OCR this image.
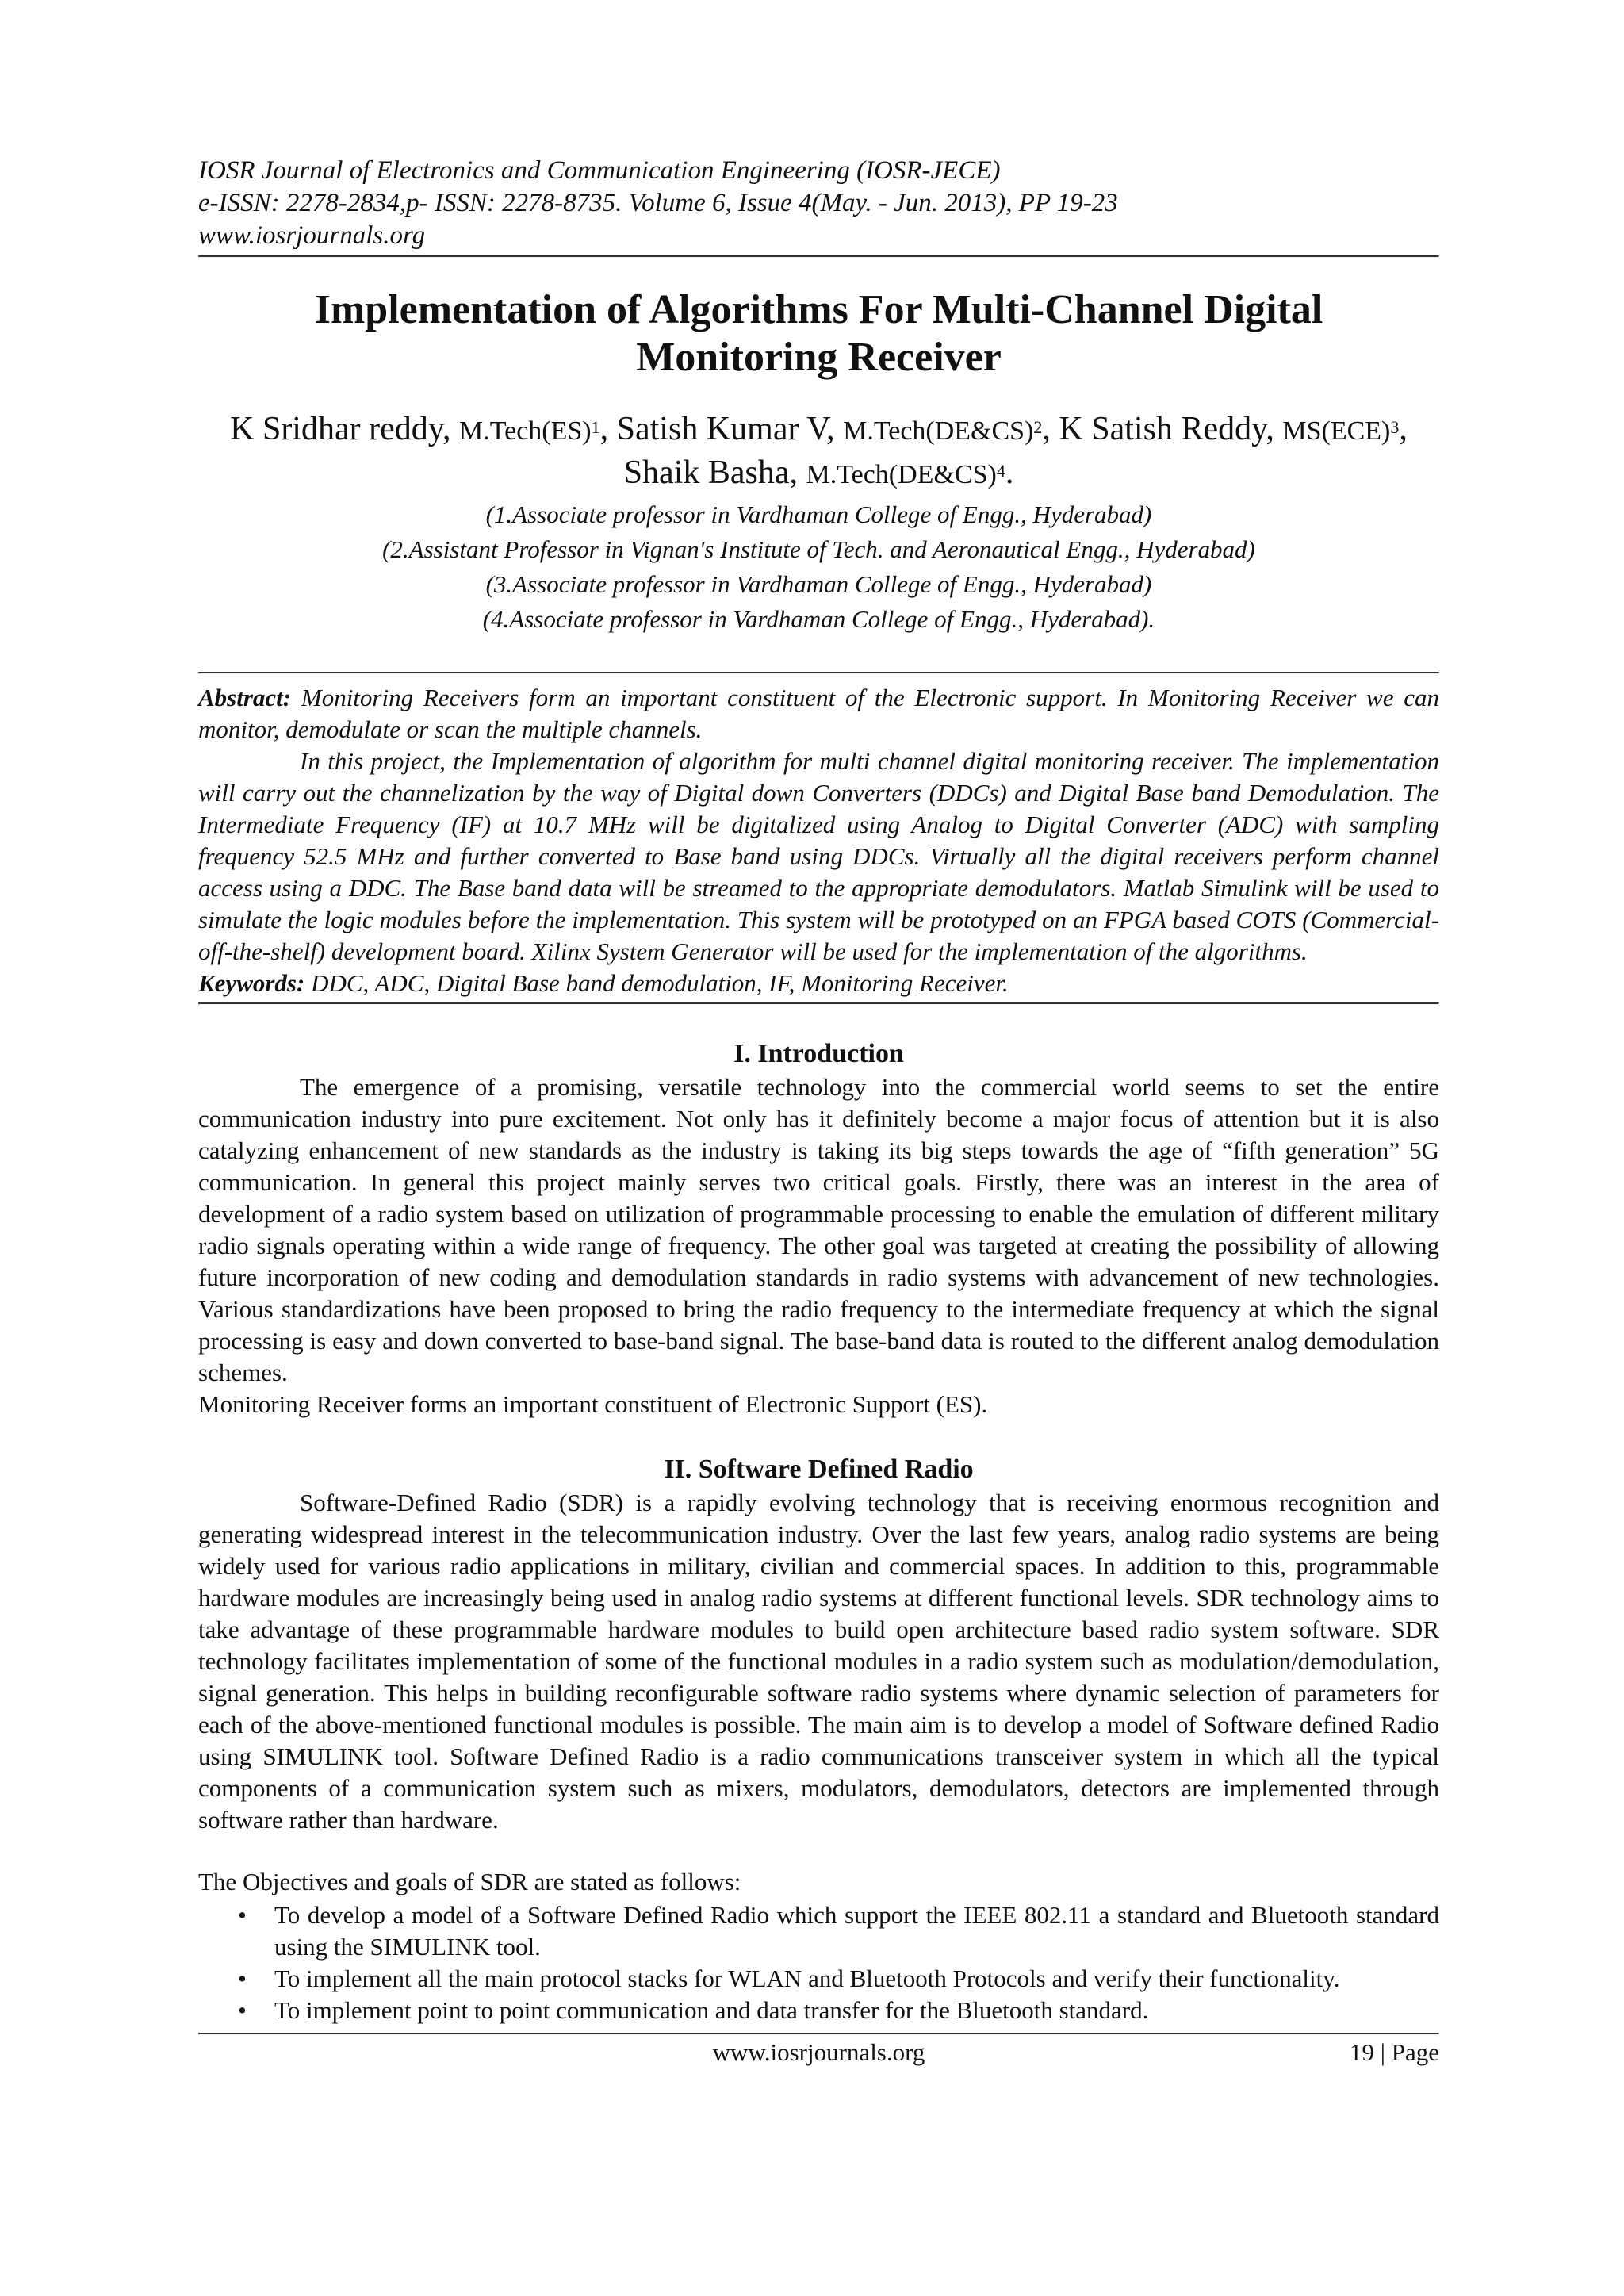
IOSR Journal of Electronics and Communication Engineering (IOSR-JECE)
e-ISSN: 2278-2834,p- ISSN: 2278-8735. Volume 6, Issue 4(May. - Jun. 2013), PP 19-23
www.iosrjournals.org
Implementation of Algorithms For Multi-Channel Digital Monitoring Receiver
K Sridhar reddy, M.Tech(ES)$^1$, Satish Kumar V, M.Tech(DE&CS)$^2$, K Satish Reddy, MS(ECE)$^3$, Shaik Basha, M.Tech(DE&CS)$^4$.
(1.Associate professor in Vardhaman College of Engg., Hyderabad)
(2.Assistant Professor in Vignan's Institute of Tech. and Aeronautical Engg., Hyderabad)
(3.Associate professor in Vardhaman College of Engg., Hyderabad)
(4.Associate professor in Vardhaman College of Engg., Hyderabad).

Abstract: Monitoring Receivers form an important constituent of the Electronic support. In Monitoring Receiver we can monitor, demodulate or scan the multiple channels.

In this project, the Implementation of algorithm for multi channel digital monitoring receiver. The implementation will carry out the channelization by the way of Digital down Converters (DDCs) and Digital Base band Demodulation. The Intermediate Frequency (IF) at 10.7 MHz will be digitalized using Analog to Digital Converter (ADC) with sampling frequency 52.5 MHz and further converted to Base band using DDCs. Virtually all the digital receivers perform channel access using a DDC. The Base band data will be streamed to the appropriate demodulators. Matlab Simulink will be used to simulate the logic modules before the implementation. This system will be prototyped on an FPGA based COTS (Commercial-off-the-shelf) development board. Xilinx System Generator will be used for the implementation of the algorithms.

Keywords: DDC, ADC, Digital Base band demodulation, IF, Monitoring Receiver.

I. Introduction

The emergence of a promising, versatile technology into the commercial world seems to set the entire communication industry into pure excitement. Not only has it definitely become a major focus of attention but it is also catalyzing enhancement of new standards as the industry is taking its big steps towards the age of “fifth generation” 5G communication. In general this project mainly serves two critical goals. Firstly, there was an interest in the area of development of a radio system based on utilization of programmable processing to enable the emulation of different military radio signals operating within a wide range of frequency. The other goal was targeted at creating the possibility of allowing future incorporation of new coding and demodulation standards in radio systems with advancement of new technologies. Various standardizations have been proposed to bring the radio frequency to the intermediate frequency at which the signal processing is easy and down converted to base-band signal. The base-band data is routed to the different analog demodulation schemes.

Monitoring Receiver forms an important constituent of Electronic Support (ES).

II. Software Defined Radio

Software-Defined Radio (SDR) is a rapidly evolving technology that is receiving enormous recognition and generating widespread interest in the telecommunication industry. Over the last few years, analog radio systems are being widely used for various radio applications in military, civilian and commercial spaces. In addition to this, programmable hardware modules are increasingly being used in analog radio systems at different functional levels. SDR technology aims to take advantage of these programmable hardware modules to build open architecture based radio system software. SDR technology facilitates implementation of some of the functional modules in a radio system such as modulation/demodulation, signal generation. This helps in building reconfigurable software radio systems where dynamic selection of parameters for each of the above-mentioned functional modules is possible. The main aim is to develop a model of Software defined Radio using SIMULINK tool. Software Defined Radio is a radio communications transceiver system in which all the typical components of a communication system such as mixers, modulators, demodulators, detectors are implemented through software rather than hardware.

The Objectives and goals of SDR are stated as follows:

• To develop a model of a Software Defined Radio which support the IEEE 802.11 a standard and Bluetooth standard using the SIMULINK tool.
• To implement all the main protocol stacks for WLAN and Bluetooth Protocols and verify their functionality.
• To implement point to point communication and data transfer for the Bluetooth standard.
www.iosrjournals.org	19 | Page
